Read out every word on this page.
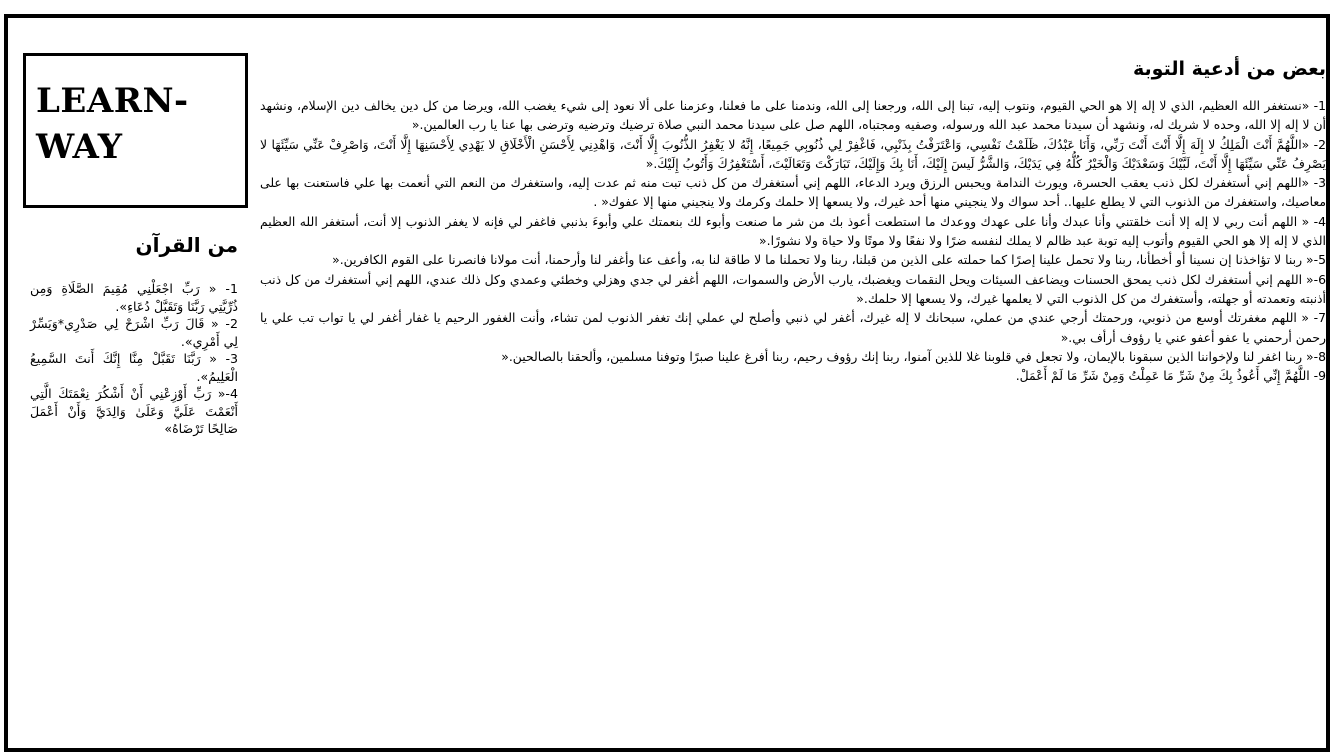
LEARN-
WAY
من القرآن

1- « رَبِّ اجْعَلْنِي مُقِيمَ الصَّلَاةِ وَمِن ذُرِّيَّتِي رَبَّنَا وَتَقَبَّلْ دُعَاءِ».

2- « قَالَ رَبِّ اشْرَحْ لِي صَدْرِي*وَيَسِّرْ لِي أَمْرِي».

3- « رَبَّنَا تَقَبَّلْ مِنَّا إِنَّكَ أَنتَ السَّمِيعُ الْعَلِيمُ».

4-« رَبِّ أَوْزِعْنِي أَنْ أَشْكُرَ نِعْمَتَكَ الَّتِي أَنْعَمْتَ عَلَيَّ وَعَلَىٰ وَالِدَيَّ وَأَنْ أَعْمَلَ صَالِحًا تَرْضَاهُ»

بعض من أدعية التوبة

1- «نستغفر الله العظيم، الذي لا إله إلا هو الحي القيوم، ونتوب إليه، تبنا إلى الله، ورجعنا إلى الله، وندمنا على ما فعلنا، وعزمنا على ألا نعود إلى شيء يغضب الله، ويرضا من كل دين يخالف دين الإسلام، ونشهد أن لا إله إلا الله، وحده لا شريك له، ونشهد أن سيدنا محمد عبد الله ورسوله، وصفيه ومجتباه، اللهم صل على سيدنا محمد النبي صلاة ترضيك وترضيه وترضى بها عنا يا رب العالمين.«

2- «اللَّهُمَّ أَنْتَ الْمَلِكُ لا إِلَهَ إِلَّا أَنْتَ أَنْتَ رَبِّي، وَأَنَا عَبْدُكَ، ظَلَمْتُ نَفْسِي، وَاعْتَرَفْتُ بِذَنْبِي، فَاغْفِرْ لِي ذُنُوبِي جَمِيعًا، إِنَّهُ لا يَغْفِرُ الذُّنُوبَ إِلَّا أَنْتَ، وَاهْدِنِي لِأَحْسَنِ الْأَخْلَاقِ لا يَهْدِي لِأَحْسَنِهَا إِلَّا أَنْتَ، وَاصْرِفْ عَنِّي سَيِّئَهَا لا يَصْرِفُ عَنِّي سَيِّئَهَا إِلَّا أَنْتَ، لَبَّيْكَ وَسَعْدَيْكَ وَالْخَيْرُ كُلُّهُ فِي يَدَيْكَ، وَالشَّرُّ لَيسَ إِلَيْكَ، أَنَا بِكَ وَإِلَيْكَ، تَبَارَكْتَ وَتَعَالَيْتَ، أَسْتَغْفِرُكَ وَأَتُوبُ إِلَيْكَ.«

3- «اللهم إني أستغفرك لكل ذنب يعقب الحسرة، ويورث الندامة ويحبس الرزق ويرد الدعاء، اللهم إني أستغفرك من كل ذنب تبت منه ثم عدت إليه، واستغفرك من النعم التي أنعمت بها علي فاستعنت بها على معاصيك، واستغفرك من الذنوب التي لا يطلع عليها.. أحد سواك ولا ينجيني منها أحد غيرك، ولا يسعها إلا حلمك وكرمك ولا ينجيني منها إلا عفوك« .

4- « اللهم أنت ربي لا إله إلا أنت خلقتني وأنا عبدك وأنا على عهدك ووعدك ما استطعت أعوذ بك من شر ما صنعت وأبوء لك بنعمتك علي وأبوءَ بذنبي فاغفر لي فإنه لا يغفر الذنوب إلا أنت، أستغفر الله العظيم الذي لا إله إلا هو الحي القيوم وأتوب إليه توبة عبد ظالم لا يملك لنفسه ضرًا ولا نفعًا ولا موتًا ولا حياة ولا نشورًا.«

5-« ربنا لا تؤاخذنا إن نسينا أو أخطأنا، ربنا ولا تحمل علينا إصرًا كما حملته على الذين من قبلنا، ربنا ولا تحملنا ما لا طاقة لنا به، وأعف عنا وأغفر لنا وأرحمنا، أنت مولانا فانصرنا على القوم الكافرين.«

6-« اللهم إني أستغفرك لكل ذنب يمحق الحسنات ويضاعف السيئات ويحل النقمات ويغضبك، يارب الأرض والسموات، اللهم أغفر لي جدي وهزلي وخطئي وعمدي وكل ذلك عندي، اللهم إني أستغفرك من كل ذنب أذنبته وتعمدته أو جهلته، وأستغفرك من كل الذنوب التي لا يعلمها غيرك، ولا يسعها إلا حلمك.«

7- « اللهم مغفرتك أوسع من ذنوبي، ورحمتك أرجي عندي من عملي، سبحانك لا إله غيرك، أغفر لي ذنبي وأصلح لي عملي إنك تغفر الذنوب لمن تشاء، وأنت الغفور الرحيم يا غفار أغفر لي يا تواب تب علي يا رحمن أرحمني يا عفو أعفو عني يا رؤوف أرأف بي.«

8-« ربنا اغفر لنا ولإخواننا الذين سبقونا بالإيمان، ولا تجعل في قلوبنا غلا للذين آمنوا، ربنا إنك رؤوف رحيم، ربنا أفرغ علينا صبرًا وتوفنا مسلمين، وألحقنا بالصالحين.«

9- اللَّهُمَّ إِنِّي أَعُوذُ بِكَ مِنْ شَرِّ مَا عَمِلْتُ وَمِنْ شَرِّ مَا لَمْ أَعْمَلْ.
